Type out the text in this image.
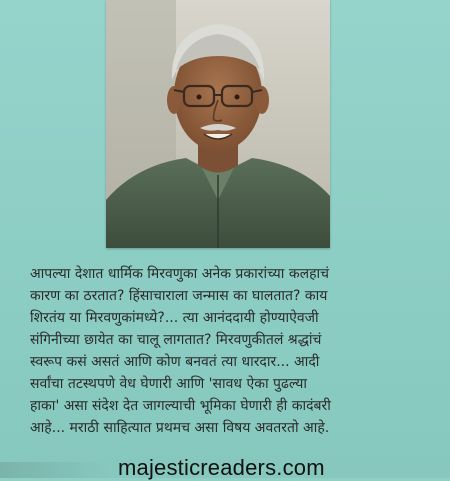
आपल्या देशात धार्मिक मिरवणुका अनेक प्रकारांच्या कलहाचं
कारण का ठरतात? हिंसाचाराला जन्मास का घालतात? काय
शिरतंय या मिरवणुकांमध्ये?... त्या आनंददायी होण्याऐवजी
संगिनीच्या छायेत का चालू लागतात? मिरवणुकीतलं श्रद्धांचं
स्वरूप कसं असतं आणि कोण बनवतं त्या धारदार... आदी
सर्वांचा तटस्थपणे वेध घेणारी आणि 'सावध ऐका पुढल्या
हाका' असा संदेश देत जागल्याची भूमिका घेणारी ही कादंबरी
आहे... मराठी साहित्यात प्रथमच असा विषय अवतरतो आहे.
majesticreaders.com
